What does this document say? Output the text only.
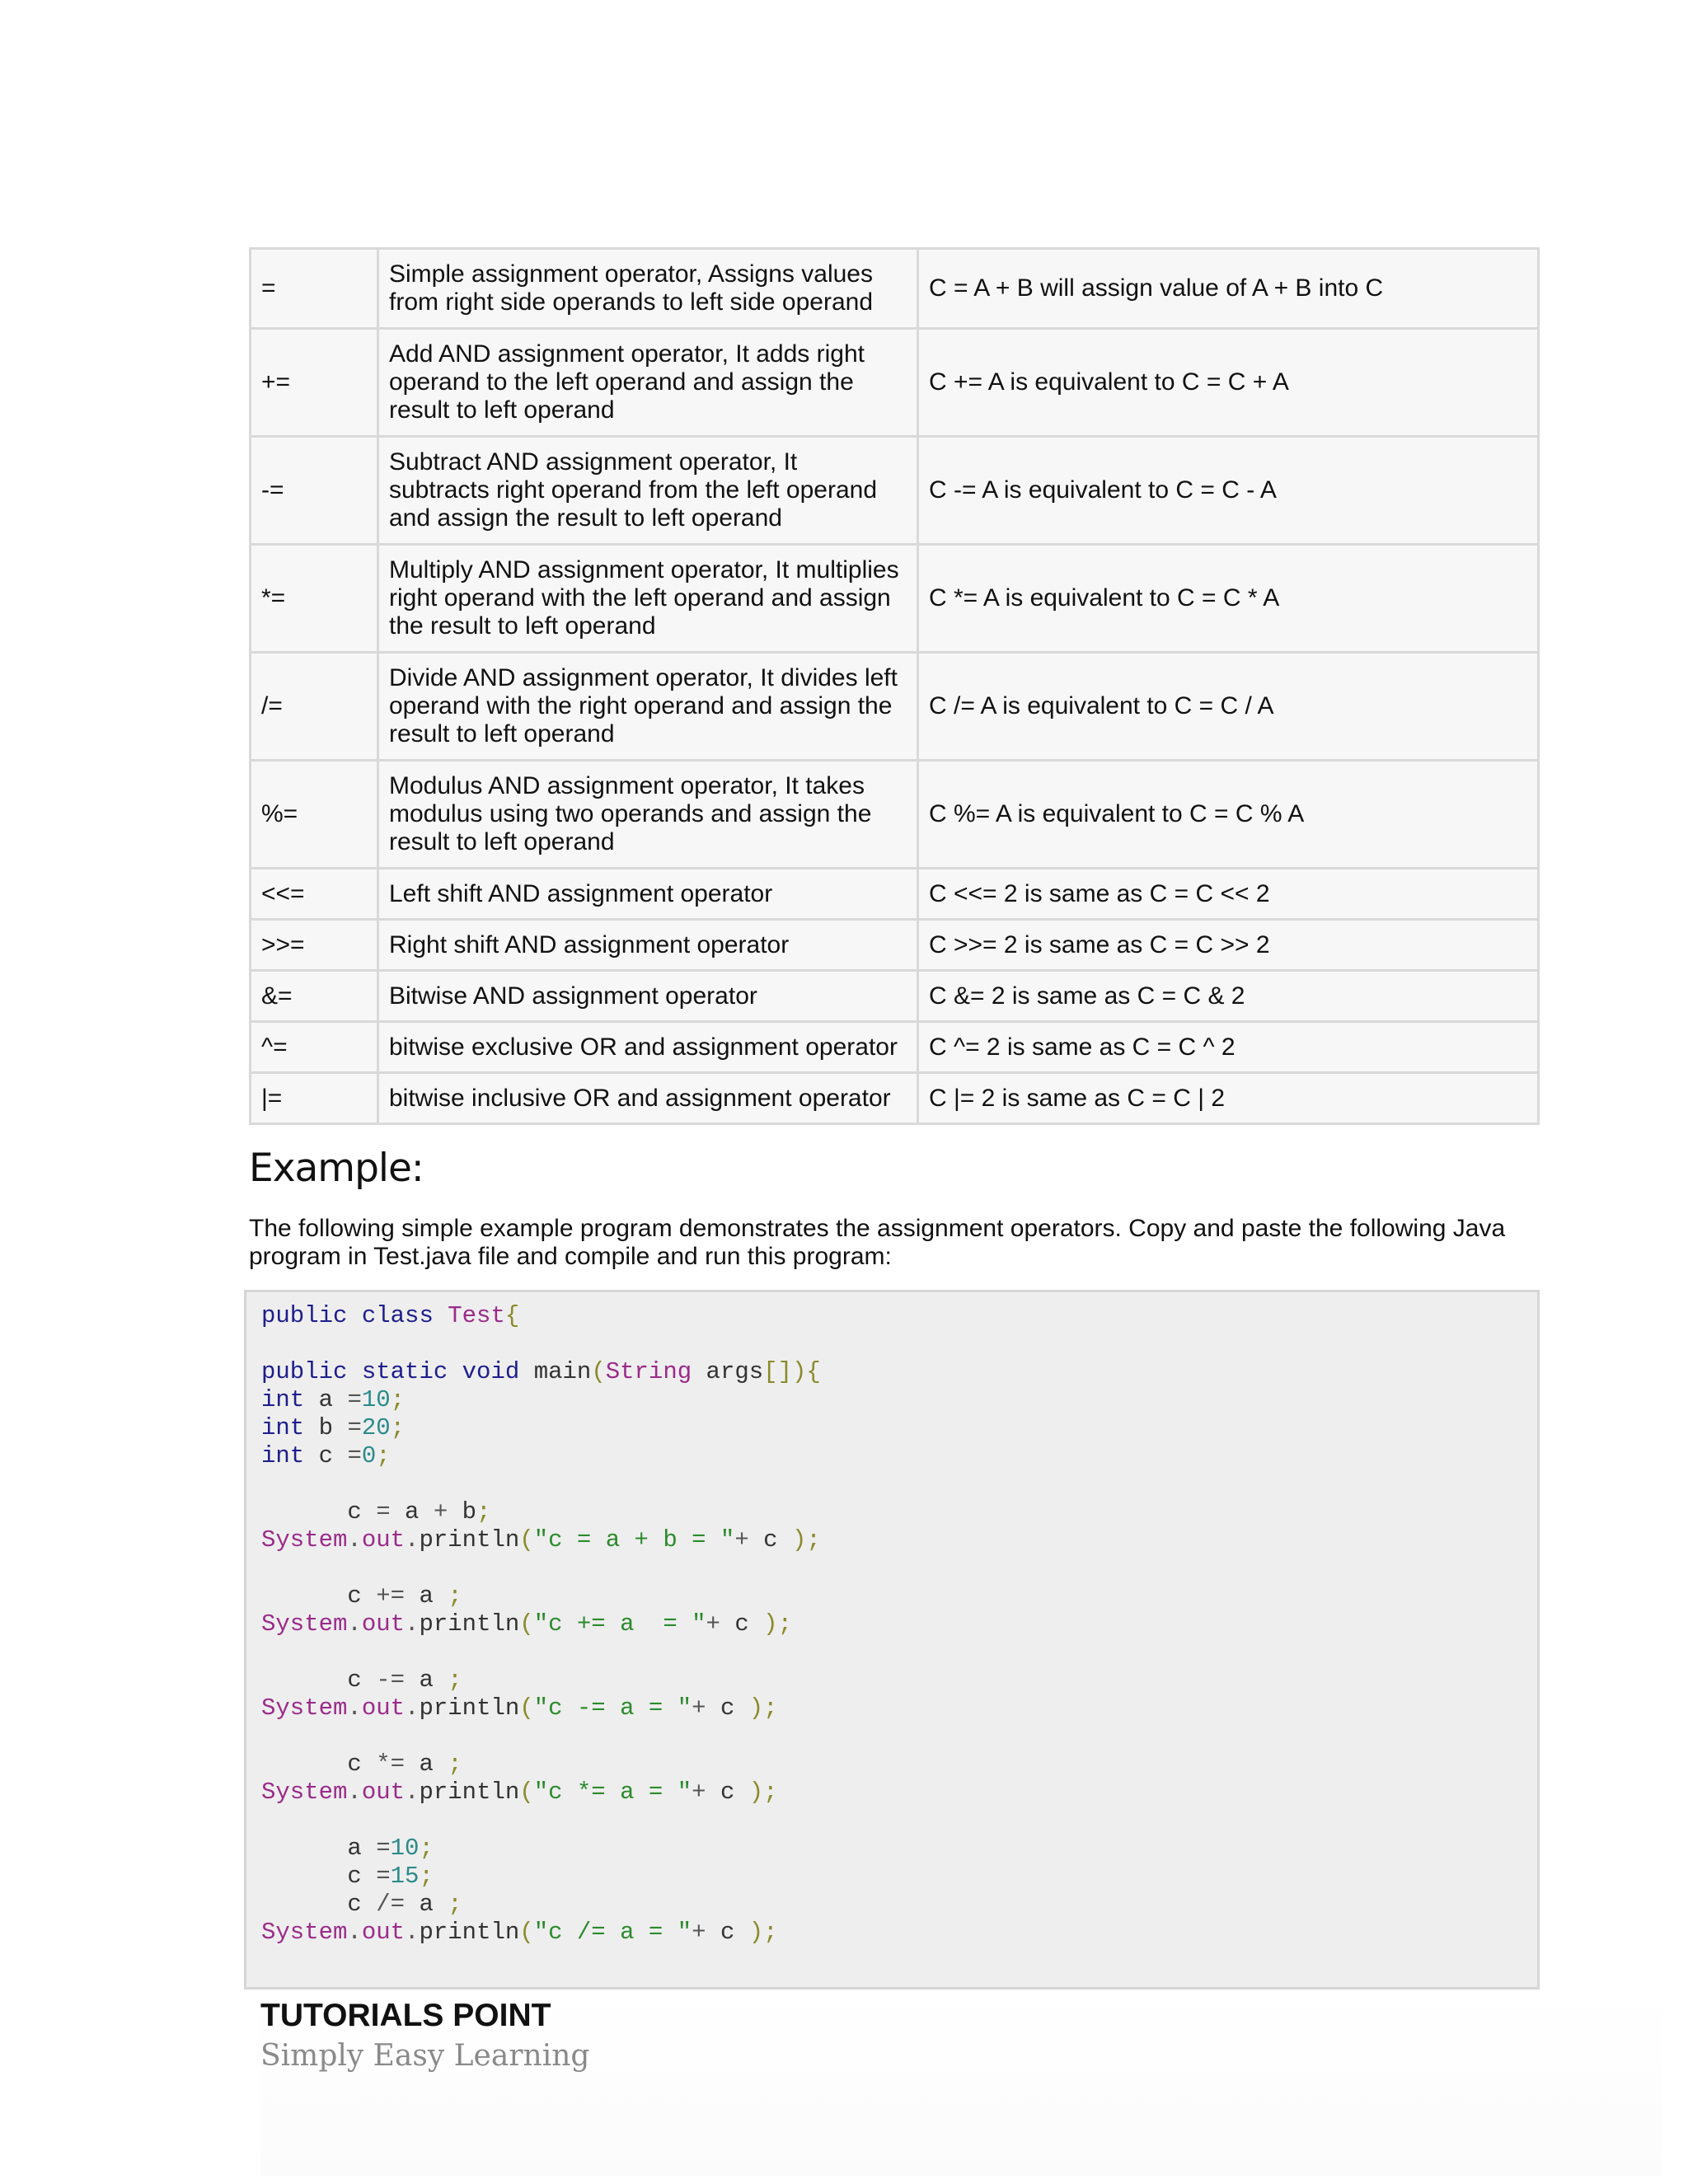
=	Simple assignment operator, Assigns values
from right side operands to left side operand	C = A + B will assign value of A + B into C
+=	Add AND assignment operator, It adds right
operand to the left operand and assign the
result to left operand	C += A is equivalent to C = C + A
-=	Subtract AND assignment operator, It
subtracts right operand from the left operand
and assign the result to left operand	C -= A is equivalent to C = C - A
*=	Multiply AND assignment operator, It multiplies
right operand with the left operand and assign
the result to left operand	C *= A is equivalent to C = C * A
/=	Divide AND assignment operator, It divides left
operand with the right operand and assign the
result to left operand	C /= A is equivalent to C = C / A
%=	Modulus AND assignment operator, It takes
modulus using two operands and assign the
result to left operand	C %= A is equivalent to C = C % A
<<=	Left shift AND assignment operator	C <<= 2 is same as C = C << 2
>>=	Right shift AND assignment operator	C >>= 2 is same as C = C >> 2
&=	Bitwise AND assignment operator	C &= 2 is same as C = C & 2
^=	bitwise exclusive OR and assignment operator	C ^= 2 is same as C = C ^ 2
|=	bitwise inclusive OR and assignment operator	C |= 2 is same as C = C | 2
Example:

The following simple example program demonstrates the assignment operators. Copy and paste the following Java
program in Test.java file and compile and run this program:

public class Test{

public static void main(String args[]){
int a =10;
int b =20;
int c =0;

c = a + b;
System.out.println("c = a + b = "+ c );

c += a ;
System.out.println("c += a  = "+ c );

c -= a ;
System.out.println("c -= a = "+ c );

c *= a ;
System.out.println("c *= a = "+ c );

a =10;
c =15;
c /= a ;
System.out.println("c /= a = "+ c );

TUTORIALS POINT

Simply Easy Learning
